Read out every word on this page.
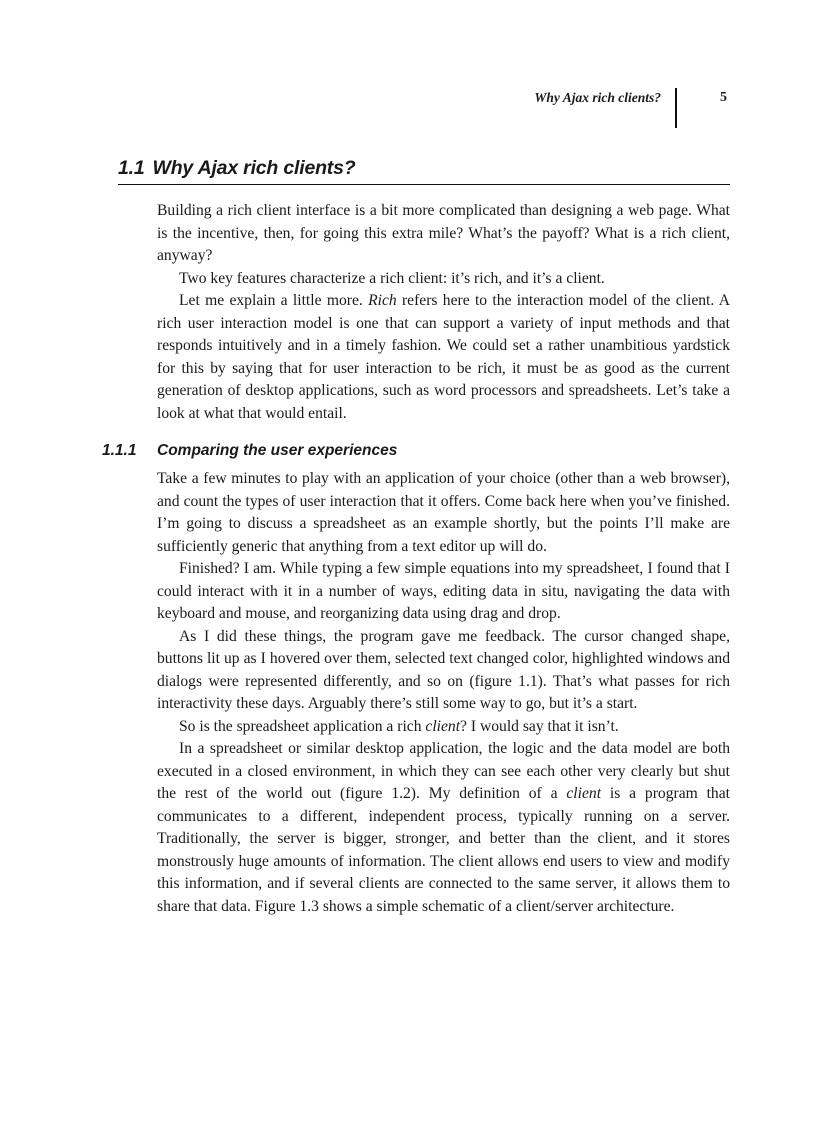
Why Ajax rich clients?	5
1.1 Why Ajax rich clients?

Building a rich client interface is a bit more complicated than designing a web page. What is the incentive, then, for going this extra mile? What’s the payoff? What is a rich client, anyway?

Two key features characterize a rich client: it’s rich, and it’s a client.

Let me explain a little more. Rich refers here to the interaction model of the client. A rich user interaction model is one that can support a variety of input methods and that responds intuitively and in a timely fashion. We could set a rather unambitious yardstick for this by saying that for user interaction to be rich, it must be as good as the current generation of desktop applications, such as word processors and spreadsheets. Let’s take a look at what that would entail.

1.1.1 Comparing the user experiences

Take a few minutes to play with an application of your choice (other than a web browser), and count the types of user interaction that it offers. Come back here when you’ve finished. I’m going to discuss a spreadsheet as an example shortly, but the points I’ll make are sufficiently generic that anything from a text editor up will do.

Finished? I am. While typing a few simple equations into my spreadsheet, I found that I could interact with it in a number of ways, editing data in situ, navigating the data with keyboard and mouse, and reorganizing data using drag and drop.

As I did these things, the program gave me feedback. The cursor changed shape, buttons lit up as I hovered over them, selected text changed color, highlighted windows and dialogs were represented differently, and so on (figure 1.1). That’s what passes for rich interactivity these days. Arguably there’s still some way to go, but it’s a start.

So is the spreadsheet application a rich client? I would say that it isn’t.

In a spreadsheet or similar desktop application, the logic and the data model are both executed in a closed environment, in which they can see each other very clearly but shut the rest of the world out (figure 1.2). My definition of a client is a program that communicates to a different, independent process, typically running on a server. Traditionally, the server is bigger, stronger, and better than the client, and it stores monstrously huge amounts of information. The client allows end users to view and modify this information, and if several clients are connected to the same server, it allows them to share that data. Figure 1.3 shows a simple schematic of a client/server architecture.
